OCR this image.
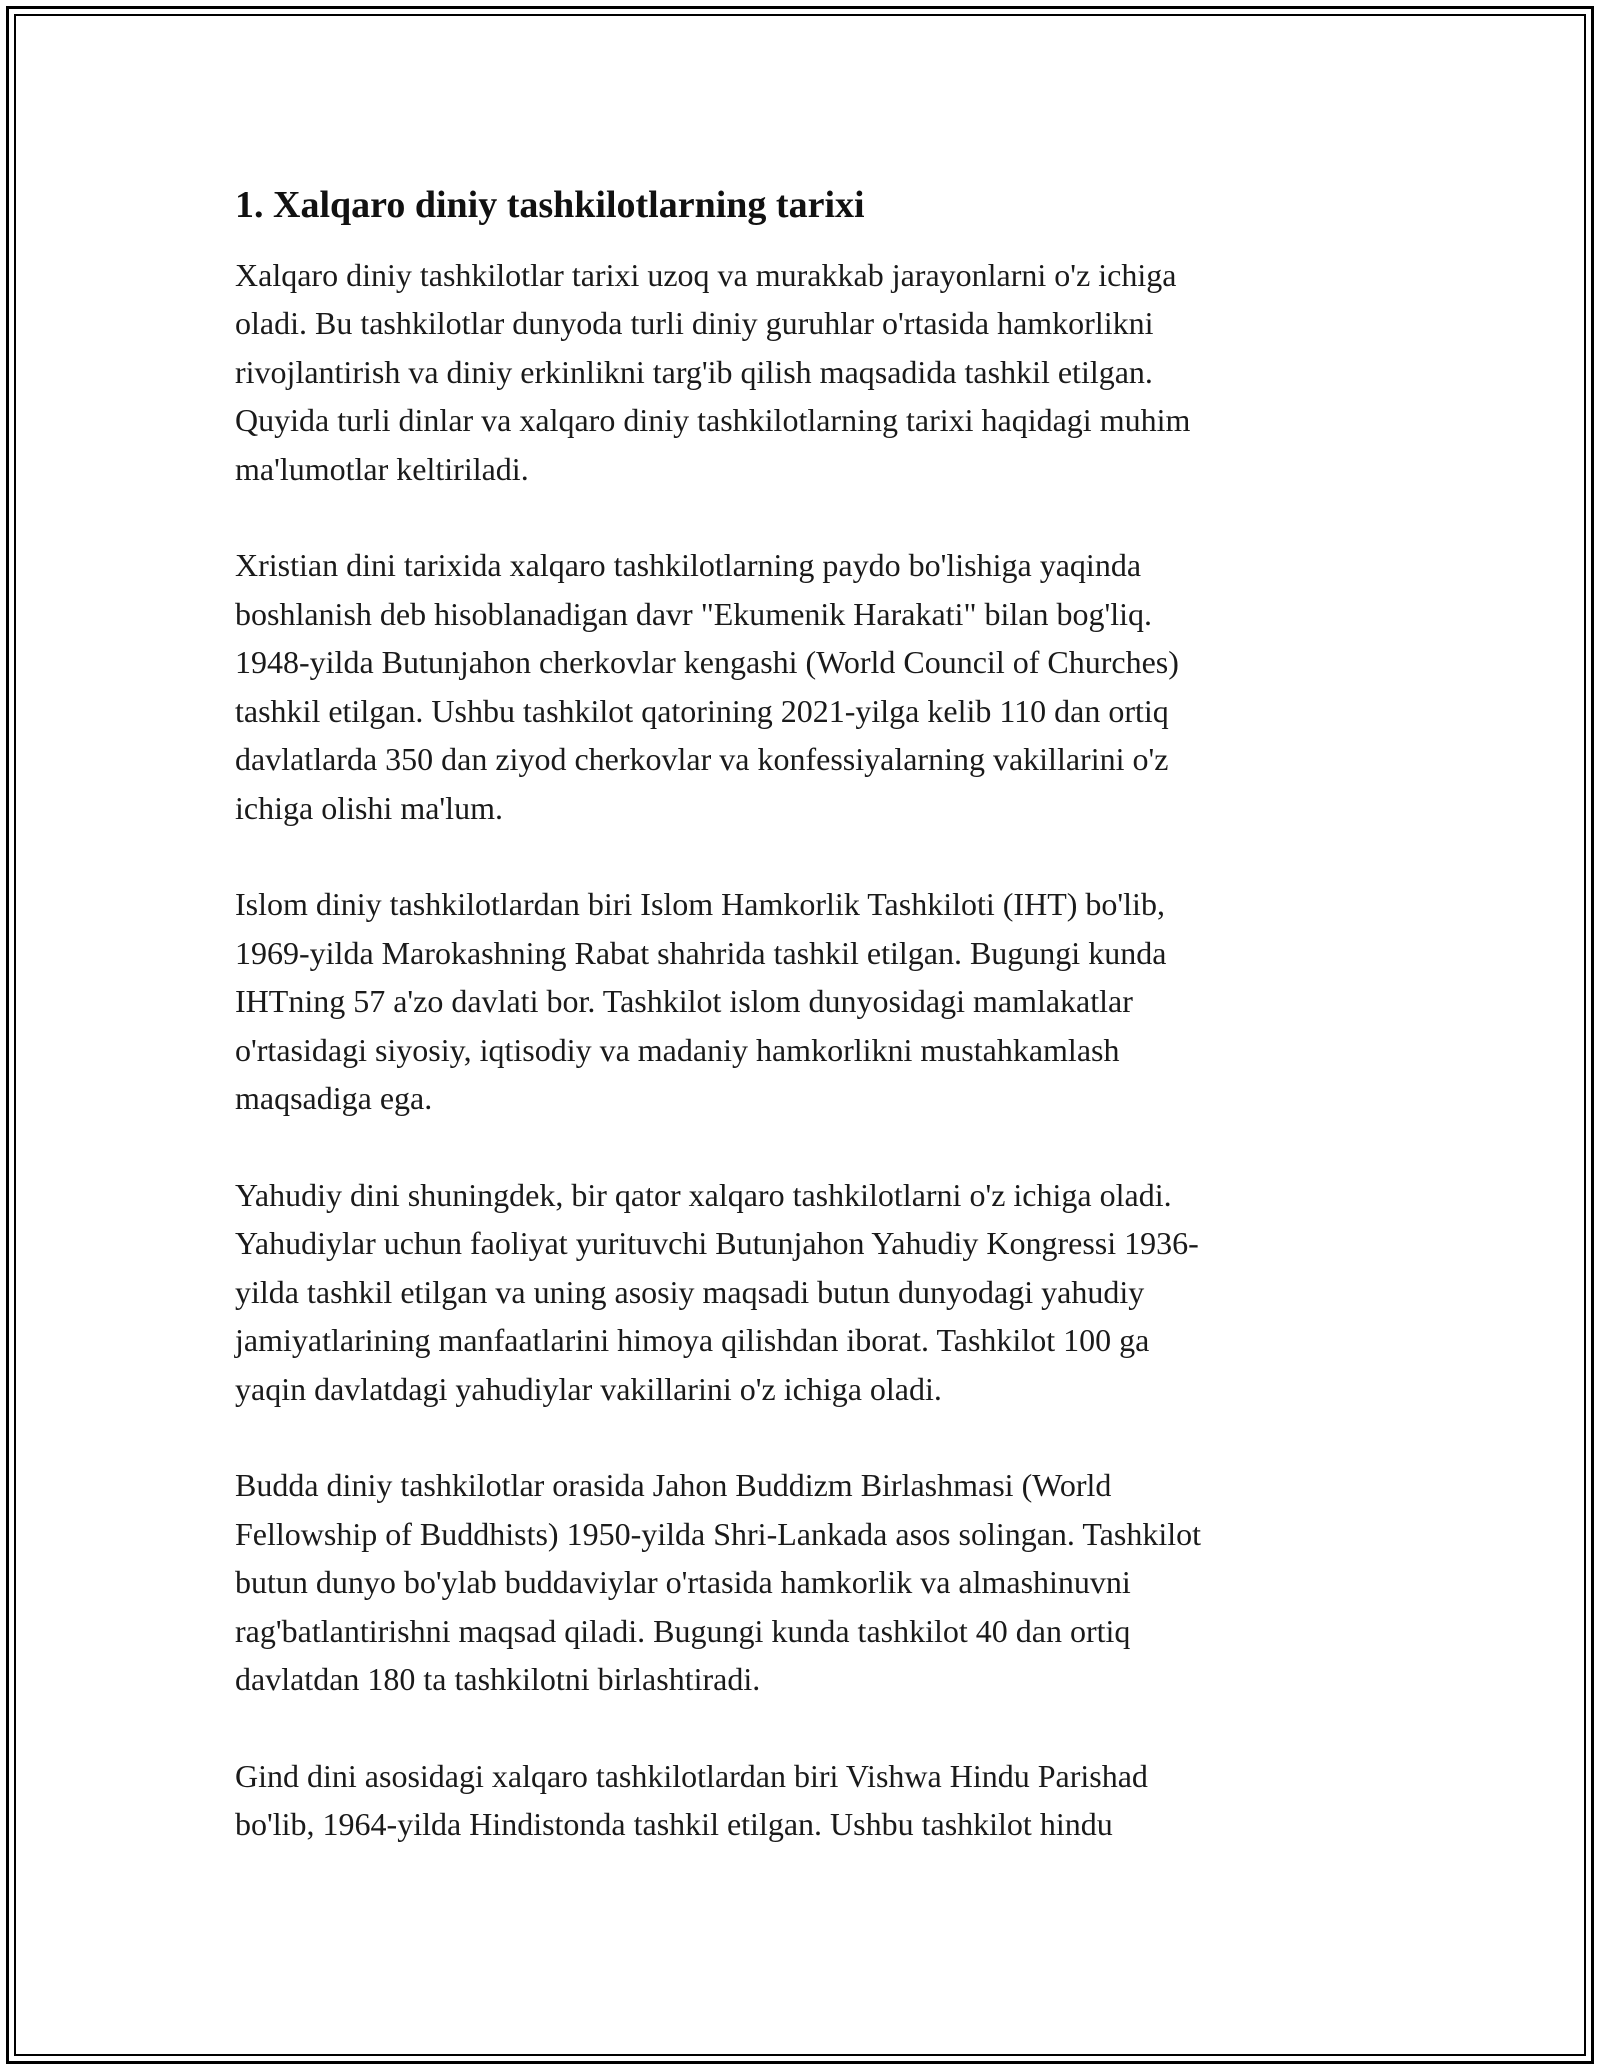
1. Xalqaro diniy tashkilotlarning tarixi

Xalqaro diniy tashkilotlar tarixi uzoq va murakkab jarayonlarni o'z ichiga
oladi. Bu tashkilotlar dunyoda turli diniy guruhlar o'rtasida hamkorlikni
rivojlantirish va diniy erkinlikni targ'ib qilish maqsadida tashkil etilgan.
Quyida turli dinlar va xalqaro diniy tashkilotlarning tarixi haqidagi muhim
ma'lumotlar keltiriladi.

Xristian dini tarixida xalqaro tashkilotlarning paydo bo'lishiga yaqinda
boshlanish deb hisoblanadigan davr "Ekumenik Harakati" bilan bog'liq.
1948-yilda Butunjahon cherkovlar kengashi (World Council of Churches)
tashkil etilgan. Ushbu tashkilot qatorining 2021-yilga kelib 110 dan ortiq
davlatlarda 350 dan ziyod cherkovlar va konfessiyalarning vakillarini o'z
ichiga olishi ma'lum.

Islom diniy tashkilotlardan biri Islom Hamkorlik Tashkiloti (IHT) bo'lib,
1969-yilda Marokashning Rabat shahrida tashkil etilgan. Bugungi kunda
IHTning 57 a'zo davlati bor. Tashkilot islom dunyosidagi mamlakatlar
o'rtasidagi siyosiy, iqtisodiy va madaniy hamkorlikni mustahkamlash
maqsadiga ega.

Yahudiy dini shuningdek, bir qator xalqaro tashkilotlarni o'z ichiga oladi.
Yahudiylar uchun faoliyat yurituvchi Butunjahon Yahudiy Kongressi 1936-
yilda tashkil etilgan va uning asosiy maqsadi butun dunyodagi yahudiy
jamiyatlarining manfaatlarini himoya qilishdan iborat. Tashkilot 100 ga
yaqin davlatdagi yahudiylar vakillarini o'z ichiga oladi.

Budda diniy tashkilotlar orasida Jahon Buddizm Birlashmasi (World
Fellowship of Buddhists) 1950-yilda Shri-Lankada asos solingan. Tashkilot
butun dunyo bo'ylab buddaviylar o'rtasida hamkorlik va almashinuvni
rag'batlantirishni maqsad qiladi. Bugungi kunda tashkilot 40 dan ortiq
davlatdan 180 ta tashkilotni birlashtiradi.

Gind dini asosidagi xalqaro tashkilotlardan biri Vishwa Hindu Parishad
bo'lib, 1964-yilda Hindistonda tashkil etilgan. Ushbu tashkilot hindu
